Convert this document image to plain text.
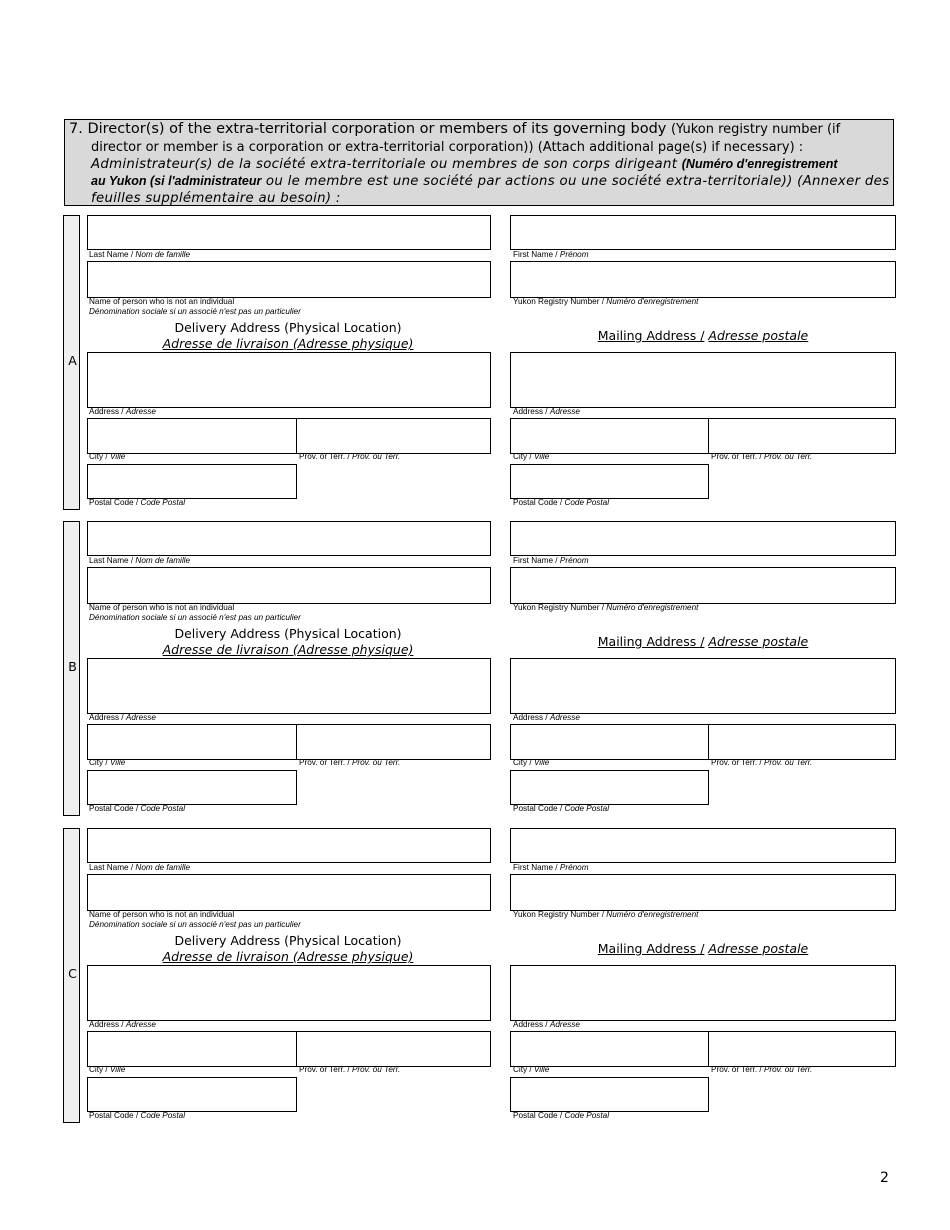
7. Director(s) of the extra-territorial corporation or members of its governing body (Yukon registry number (if
director or member is a corporation or extra-territorial corporation)) (Attach additional page(s) if necessary) :
Administrateur(s) de la société extra-territoriale ou membres de son corps dirigeant (Numéro d'enregistrement
au Yukon (si l'administrateur ou le membre est une société par actions ou une société extra-territoriale)) (Annexer des
feuilles supplémentaire au besoin) :
A
Last Name / Nom de famille	First Name / Prénom
Name of person who is not an individual
Dénomination sociale si un associé n'est pas un particulier
Yukon Registry Number / Numéro d'enregistrement
Delivery Address (Physical Location)
Adresse de livraison (Adresse physique)
Mailing Address / Adresse postale
Address / Adresse	Address / Adresse
City / Ville	Prov. or Terr. / Prov. ou Terr.	City / Ville	Prov. or Terr. / Prov. ou Terr.
Postal Code / Code Postal	Postal Code / Code Postal
B
Last Name / Nom de famille	First Name / Prénom
Name of person who is not an individual
Dénomination sociale si un associé n'est pas un particulier
Yukon Registry Number / Numéro d'enregistrement
Delivery Address (Physical Location)
Adresse de livraison (Adresse physique)
Mailing Address / Adresse postale
Address / Adresse	Address / Adresse
City / Ville	Prov. or Terr. / Prov. ou Terr.	City / Ville	Prov. or Terr. / Prov. ou Terr.
Postal Code / Code Postal	Postal Code / Code Postal
C
Last Name / Nom de famille	First Name / Prénom
Name of person who is not an individual
Dénomination sociale si un associé n'est pas un particulier
Yukon Registry Number / Numéro d'enregistrement
Delivery Address (Physical Location)
Adresse de livraison (Adresse physique)
Mailing Address / Adresse postale
Address / Adresse	Address / Adresse
City / Ville	Prov. or Terr. / Prov. ou Terr.	City / Ville	Prov. or Terr. / Prov. ou Terr.
Postal Code / Code Postal	Postal Code / Code Postal
2
